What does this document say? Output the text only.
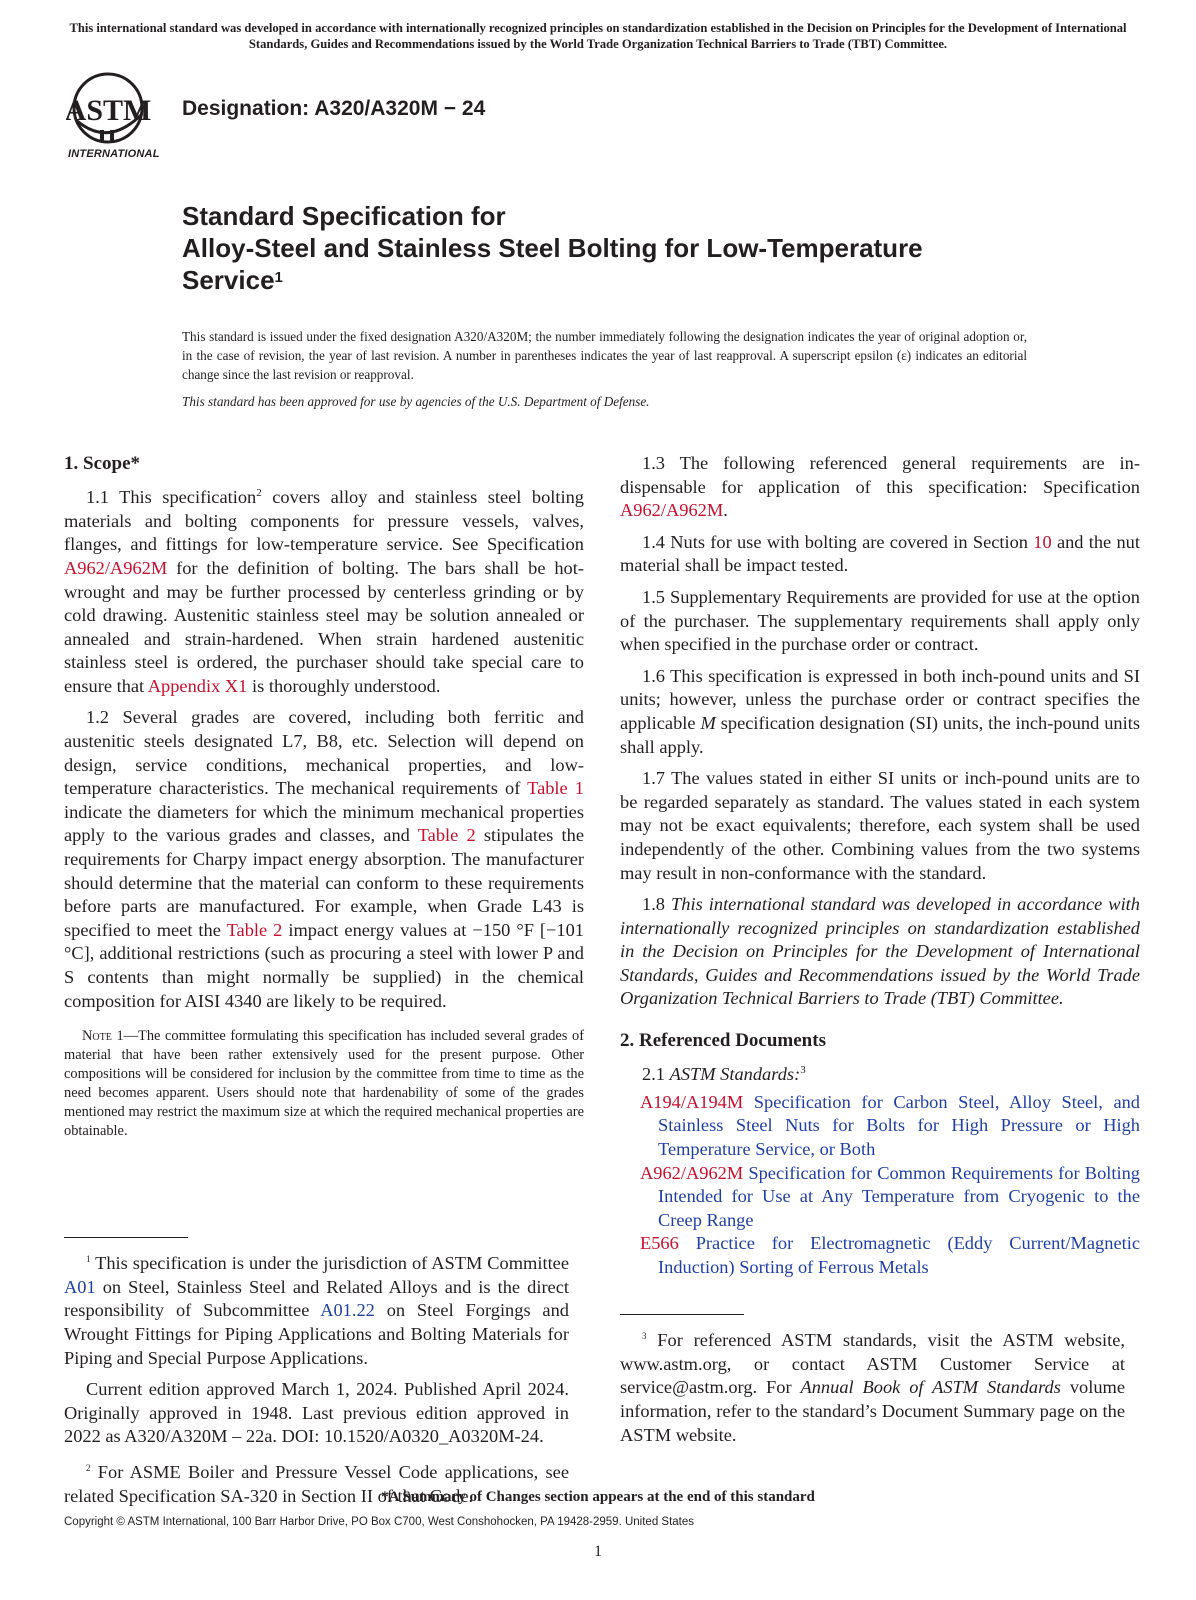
This international standard was developed in accordance with internationally recognized principles on standardization established in the Decision on Principles for the Development of International Standards, Guides and Recommendations issued by the World Trade Organization Technical Barriers to Trade (TBT) Committee.
ASTM
INTERNATIONAL
Designation: A320/A320M − 24
Standard Specification for
Alloy-Steel and Stainless Steel Bolting for Low-Temperature
Service$^1$
This standard is issued under the fixed designation A320/A320M; the number immediately following the designation indicates the year of original adoption or, in the case of revision, the year of last revision. A number in parentheses indicates the year of last reapproval. A superscript epsilon (ε) indicates an editorial change since the last revision or reapproval.
This standard has been approved for use by agencies of the U.S. Department of Defense.
1. Scope*

1.1 This specification$^2$ covers alloy and stainless steel bolting materials and bolting components for pressure vessels, valves, flanges, and fittings for low-temperature service. See Specification A962/A962M for the definition of bolting. The bars shall be hot-wrought and may be further processed by centerless grinding or by cold drawing. Austenitic stainless steel may be solution annealed or annealed and strain-hardened. When strain hardened austenitic stainless steel is ordered, the purchaser should take special care to ensure that Appendix X1 is thoroughly understood.

1.2 Several grades are covered, including both ferritic and austenitic steels designated L7, B8, etc. Selection will depend on design, service conditions, mechanical properties, and low-temperature characteristics. The mechanical requirements of Table 1 indicate the diameters for which the minimum mechanical properties apply to the various grades and classes, and Table 2 stipulates the requirements for Charpy impact energy absorption. The manufacturer should determine that the material can conform to these requirements before parts are manufactured. For example, when Grade L43 is specified to meet the Table 2 impact energy values at −150 °F [−101 °C], additional restrictions (such as procuring a steel with lower P and S contents than might normally be supplied) in the chemical composition for AISI 4340 are likely to be required.

Note 1—The committee formulating this specification has included several grades of material that have been rather extensively used for the present purpose. Other compositions will be considered for inclusion by the committee from time to time as the need becomes apparent. Users should note that hardenability of some of the grades mentioned may restrict the maximum size at which the required mechanical properties are obtainable.

$^1$ This specification is under the jurisdiction of ASTM Committee A01 on Steel, Stainless Steel and Related Alloys and is the direct responsibility of Subcommittee A01.22 on Steel Forgings and Wrought Fittings for Piping Applications and Bolting Materials for Piping and Special Purpose Applications.

Current edition approved March 1, 2024. Published April 2024. Originally approved in 1948. Last previous edition approved in 2022 as A320/A320M – 22a. DOI: 10.1520/A0320_A0320M-24.

$^2$ For ASME Boiler and Pressure Vessel Code applications, see related Specification SA-320 in Section II of that Code.

1.3 The following referenced general requirements are indispensable for application of this specification: Specification A962/A962M.

1.4 Nuts for use with bolting are covered in Section 10 and the nut material shall be impact tested.

1.5 Supplementary Requirements are provided for use at the option of the purchaser. The supplementary requirements shall apply only when specified in the purchase order or contract.

1.6 This specification is expressed in both inch-pound units and SI units; however, unless the purchase order or contract specifies the applicable M specification designation (SI) units, the inch-pound units shall apply.

1.7 The values stated in either SI units or inch-pound units are to be regarded separately as standard. The values stated in each system may not be exact equivalents; therefore, each system shall be used independently of the other. Combining values from the two systems may result in non-conformance with the standard.

1.8 This international standard was developed in accordance with internationally recognized principles on standardization established in the Decision on Principles for the Development of International Standards, Guides and Recommendations issued by the World Trade Organization Technical Barriers to Trade (TBT) Committee.

2. Referenced Documents

2.1 ASTM Standards:$^3$

A194/A194M Specification for Carbon Steel, Alloy Steel, and Stainless Steel Nuts for Bolts for High Pressure or High Temperature Service, or Both
A962/A962M Specification for Common Requirements for Bolting Intended for Use at Any Temperature from Cryogenic to the Creep Range
E566 Practice for Electromagnetic (Eddy Current/Magnetic Induction) Sorting of Ferrous Metals

$^3$ For referenced ASTM standards, visit the ASTM website, www.astm.org, or contact ASTM Customer Service at service@astm.org. For Annual Book of ASTM Standards volume information, refer to the standard’s Document Summary page on the ASTM website.

*A Summary of Changes section appears at the end of this standard
Copyright © ASTM International, 100 Barr Harbor Drive, PO Box C700, West Conshohocken, PA 19428-2959. United States
1
